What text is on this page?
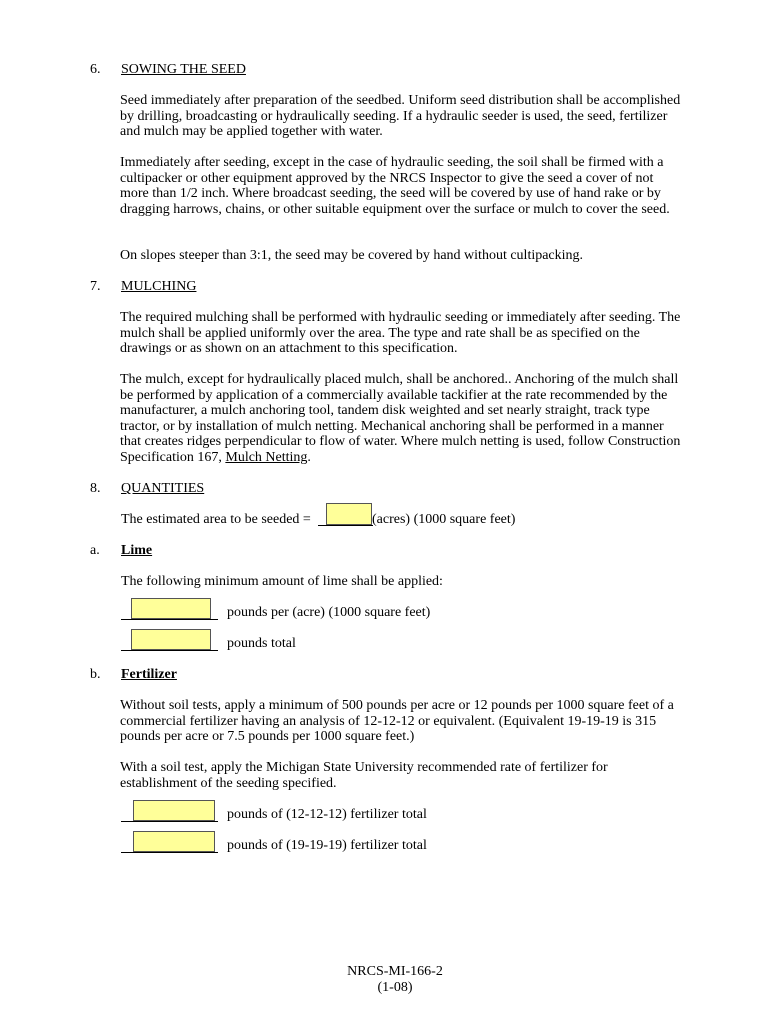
6. SOWING THE SEED
Seed immediately after preparation of the seedbed. Uniform seed distribution shall be accomplished by drilling, broadcasting or hydraulically seeding. If a hydraulic seeder is used, the seed, fertilizer and mulch may be applied together with water.
Immediately after seeding, except in the case of hydraulic seeding, the soil shall be firmed with a cultipacker or other equipment approved by the NRCS Inspector to give the seed a cover of not more than 1/2 inch. Where broadcast seeding, the seed will be covered by use of hand rake or by dragging harrows, chains, or other suitable equipment over the surface or mulch to cover the seed.
On slopes steeper than 3:1, the seed may be covered by hand without cultipacking.
7. MULCHING
The required mulching shall be performed with hydraulic seeding or immediately after seeding. The mulch shall be applied uniformly over the area. The type and rate shall be as specified on the drawings or as shown on an attachment to this specification.
The mulch, except for hydraulically placed mulch, shall be anchored.. Anchoring of the mulch shall be performed by application of a commercially available tackifier at the rate recommended by the manufacturer, a mulch anchoring tool, tandem disk weighted and set nearly straight, track type tractor, or by installation of mulch netting. Mechanical anchoring shall be performed in a manner that creates ridges perpendicular to flow of water. Where mulch netting is used, follow Construction Specification 167, Mulch Netting.
8. QUANTITIES
The estimated area to be seeded =	(acres) (1000 square feet)
a. Lime
The following minimum amount of lime shall be applied:
pounds per (acre) (1000 square feet)
pounds total
b. Fertilizer
Without soil tests, apply a minimum of 500 pounds per acre or 12 pounds per 1000 square feet of a commercial fertilizer having an analysis of 12-12-12 or equivalent. (Equivalent 19-19-19 is 315 pounds per acre or 7.5 pounds per 1000 square feet.)
With a soil test, apply the Michigan State University recommended rate of fertilizer for establishment of the seeding specified.
pounds of (12-12-12) fertilizer total
pounds of (19-19-19) fertilizer total
NRCS-MI-166-2
(1-08)
